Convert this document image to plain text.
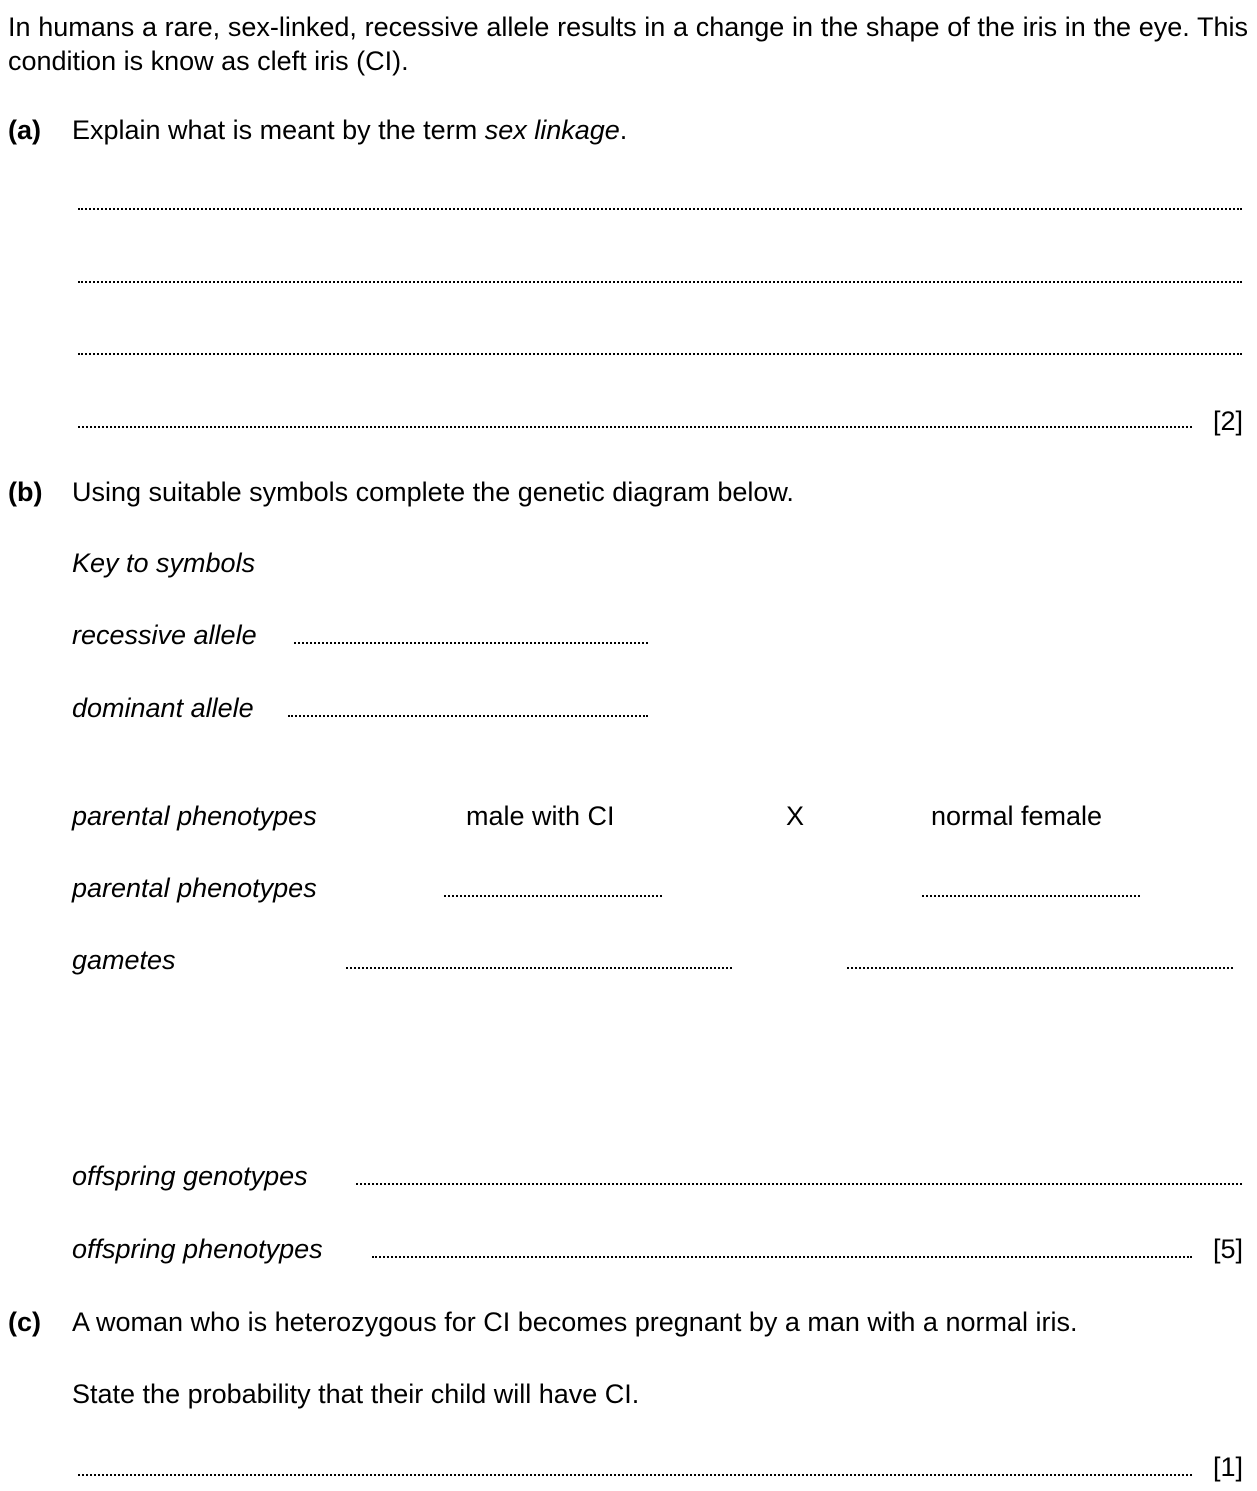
In humans a rare, sex-linked, recessive allele results in a change in the shape of the iris in the eye. This condition is know as cleft iris (CI).
(a) Explain what is meant by the term sex linkage.
[2]
(b) Using suitable symbols complete the genetic diagram below.
Key to symbols
recessive allele
dominant allele
parental phenotypes	male with CI	X	normal female
parental phenotypes
gametes
offspring genotypes
offspring phenotypes	[5]
(c) A woman who is heterozygous for CI becomes pregnant by a man with a normal iris.
State the probability that their child will have CI.
[1]
